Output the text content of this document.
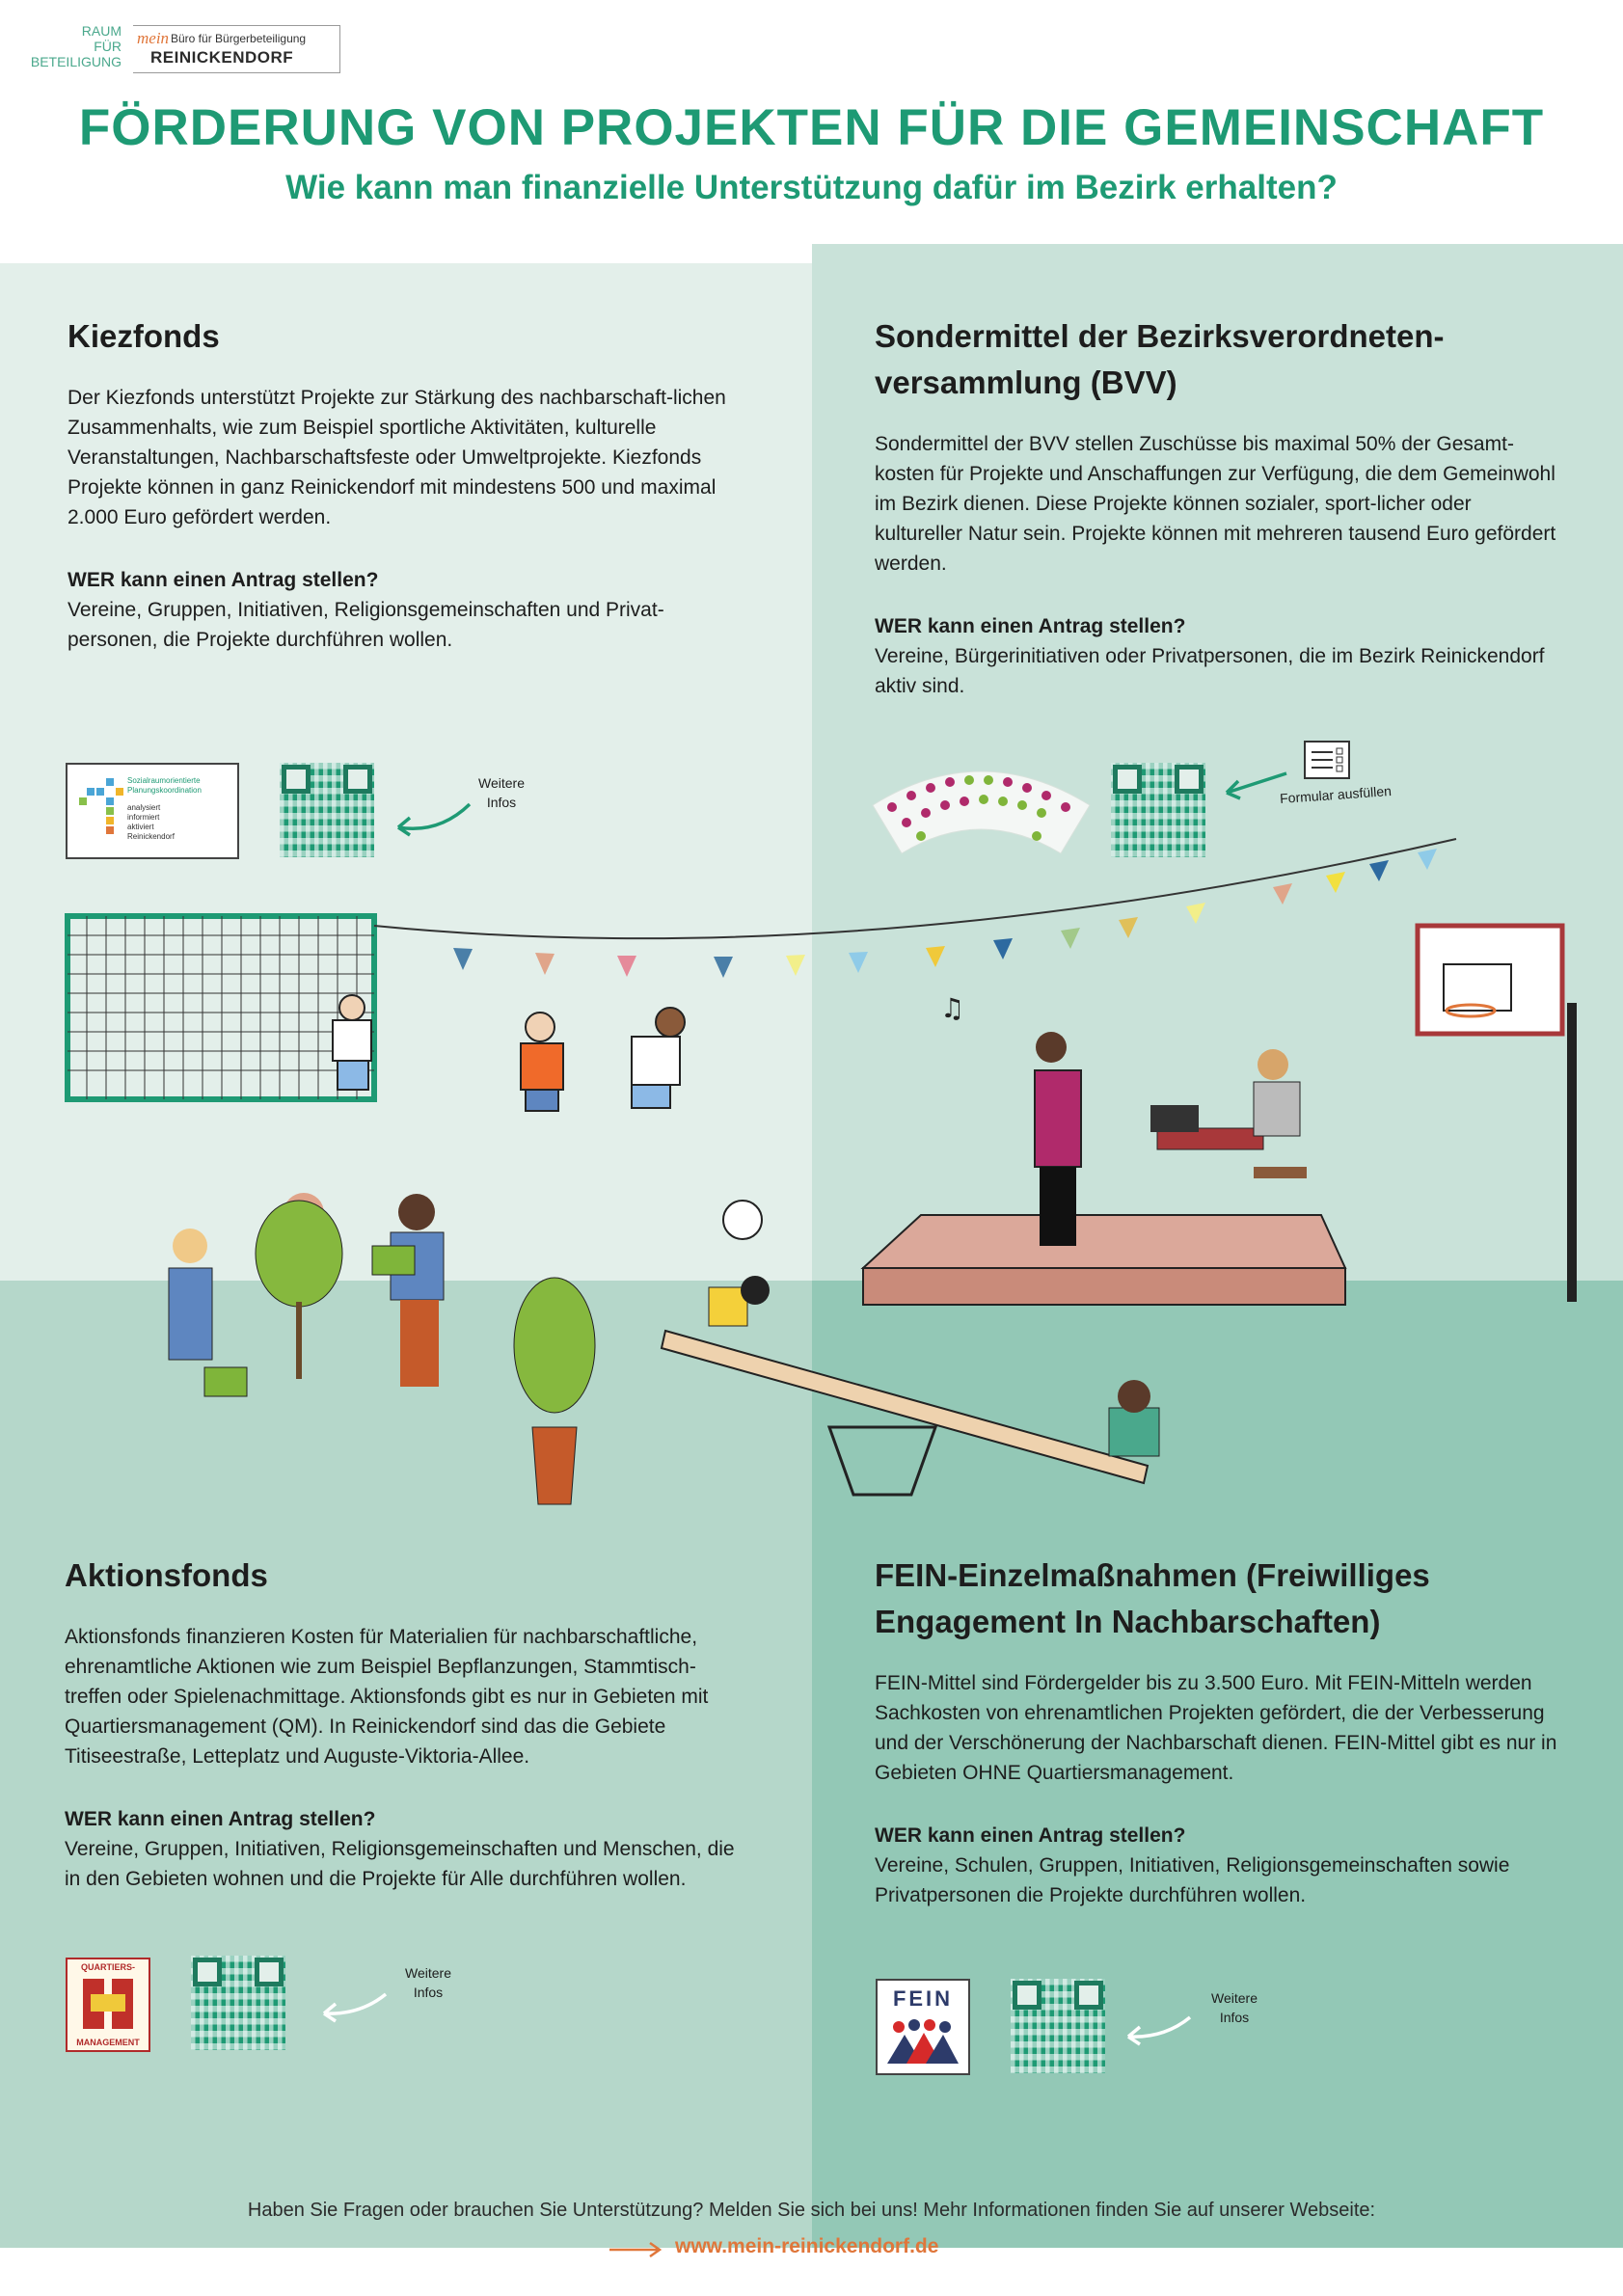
RAUM
FÜR
BETEILIGUNG
mein Büro für Bürgerbeteiligung
REINICKENDORF
FÖRDERUNG VON PROJEKTEN FÜR DIE GEMEINSCHAFT
Wie kann man finanzielle Unterstützung dafür im Bezirk erhalten?
Kiezfonds

Der Kiezfonds unterstützt Projekte zur Stärkung des nachbarschaft-lichen Zusammenhalts, wie zum Beispiel sportliche Aktivitäten, kulturelle Veranstaltungen, Nachbarschaftsfeste oder Umweltprojekte. Kiezfonds Projekte können in ganz Reinickendorf mit mindestens 500 und maximal 2.000 Euro gefördert werden.

WER kann einen Antrag stellen?

Vereine, Gruppen, Initiativen, Religionsgemeinschaften und Privat-personen, die Projekte durchführen wollen.

Sozialraumorientierte
Planungskoordination
analysiert
informiert
aktiviert
Reinickendorf
Weitere Infos
Sondermittel der Bezirksverordneten-versammlung (BVV)

Sondermittel der BVV stellen Zuschüsse bis maximal 50% der Gesamt-kosten für Projekte und Anschaffungen zur Verfügung, die dem Gemeinwohl im Bezirk dienen. Diese Projekte können sozialer, sport-licher oder kultureller Natur sein. Projekte können mit mehreren tausend Euro gefördert werden.

WER kann einen Antrag stellen?

Vereine, Bürgerinitiativen oder Privatpersonen, die im Bezirk Reinickendorf aktiv sind.

Formular ausfüllen
♫
Aktionsfonds

Aktionsfonds finanzieren Kosten für Materialien für nachbarschaftliche, ehrenamtliche Aktionen wie zum Beispiel Bepflanzungen, Stammtisch-treffen oder Spielenachmittage. Aktionsfonds gibt es nur in Gebieten mit Quartiersmanagement (QM). In Reinickendorf sind das die Gebiete Titiseestraße, Letteplatz und Auguste-Viktoria-Allee.

WER kann einen Antrag stellen?

Vereine, Gruppen, Initiativen, Religionsgemeinschaften und Menschen, die in den Gebieten wohnen und die Projekte für Alle durchführen wollen.

QUARTIERS-
MANAGEMENT
Weitere Infos
FEIN-Einzelmaßnahmen (Freiwilliges Engagement In Nachbarschaften)

FEIN-Mittel sind Fördergelder bis zu 3.500 Euro. Mit FEIN-Mitteln werden Sachkosten von ehrenamtlichen Projekten gefördert, die der Verbesserung und der Verschönerung der Nachbarschaft dienen. FEIN-Mittel gibt es nur in Gebieten OHNE Quartiersmanagement.

WER kann einen Antrag stellen?

Vereine, Schulen, Gruppen, Initiativen, Religionsgemeinschaften sowie Privatpersonen die Projekte durchführen wollen.

FEIN	Weitere Infos
Haben Sie Fragen oder brauchen Sie Unterstützung? Melden Sie sich bei uns! Mehr Informationen finden Sie auf unserer Webseite:
www.mein-reinickendorf.de
